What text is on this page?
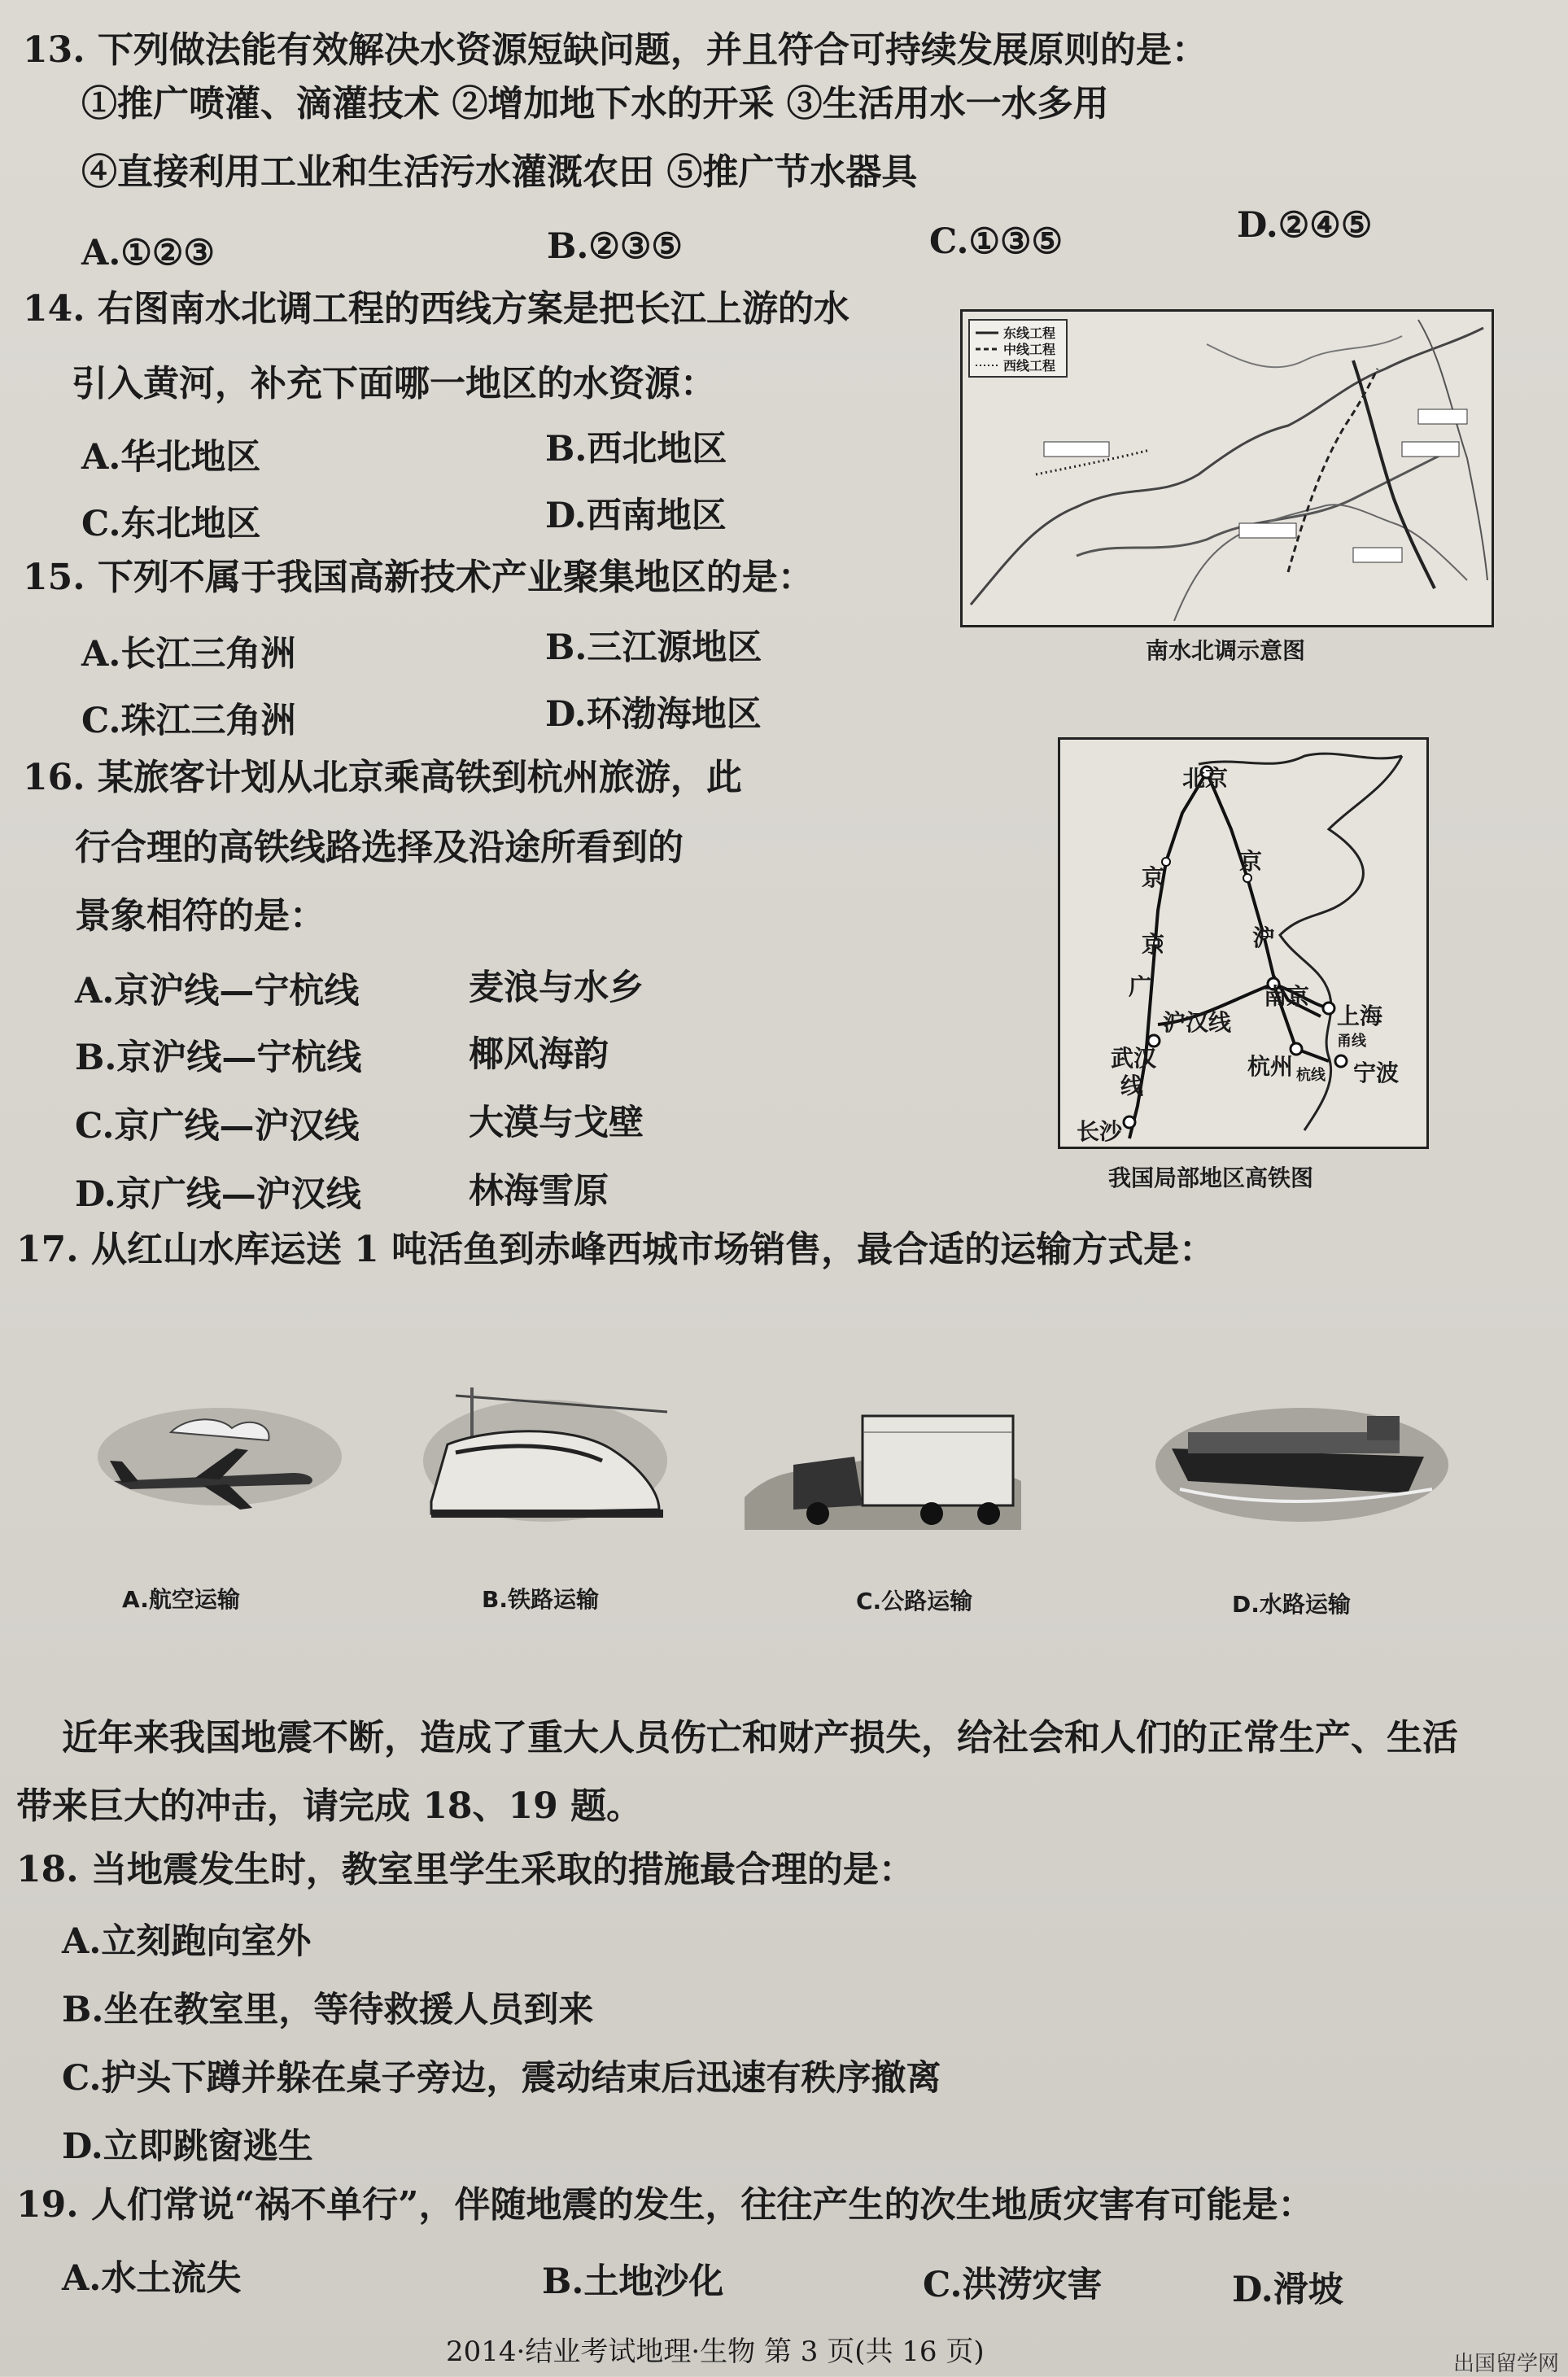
13. 下列做法能有效解决水资源短缺问题，并且符合可持续发展原则的是：
①推广喷灌、滴灌技术 ②增加地下水的开采 ③生活用水一水多用
④直接利用工业和生活污水灌溉农田 ⑤推广节水器具
A.①②③	B.②③⑤	C.①③⑤	D.②④⑤
14. 右图南水北调工程的西线方案是把长江上游的水
引入黄河，补充下面哪一地区的水资源：
A.华北地区	B.西北地区
C.东北地区	D.西南地区
东线工程
中线工程
西线工程
南水北调示意图
15. 下列不属于我国高新技术产业聚集地区的是：
A.长江三角洲	B.三江源地区
C.珠江三角洲	D.环渤海地区
16. 某旅客计划从北京乘高铁到杭州旅游，此
行合理的高铁线路选择及沿途所看到的
景象相符的是：
A.京沪线—宁杭线	麦浪与水乡
B.京沪线—宁杭线	椰风海韵
C.京广线—沪汉线	大漠与戈壁
D.京广线—沪汉线	林海雪原
北京
京
京
京
广
沪
沪汉线
南京
上海
武汉
线
杭州 杭线
甬线
宁波
长沙
我国局部地区高铁图
17. 从红山水库运送 1 吨活鱼到赤峰西城市场销售，最合适的运输方式是：
A.航空运输	B.铁路运输	C.公路运输	D.水路运输
近年来我国地震不断，造成了重大人员伤亡和财产损失，给社会和人们的正常生产、生活
带来巨大的冲击，请完成 18、19 题。
18. 当地震发生时，教室里学生采取的措施最合理的是：
A.立刻跑向室外
B.坐在教室里，等待救援人员到来
C.护头下蹲并躲在桌子旁边，震动结束后迅速有秩序撤离
D.立即跳窗逃生
19. 人们常说“祸不单行”，伴随地震的发生，往往产生的次生地质灾害有可能是：
A.水土流失	B.土地沙化	C.洪涝灾害	D.滑坡
2014·结业考试地理·生物 第 3 页(共 16 页)	出国留学网
